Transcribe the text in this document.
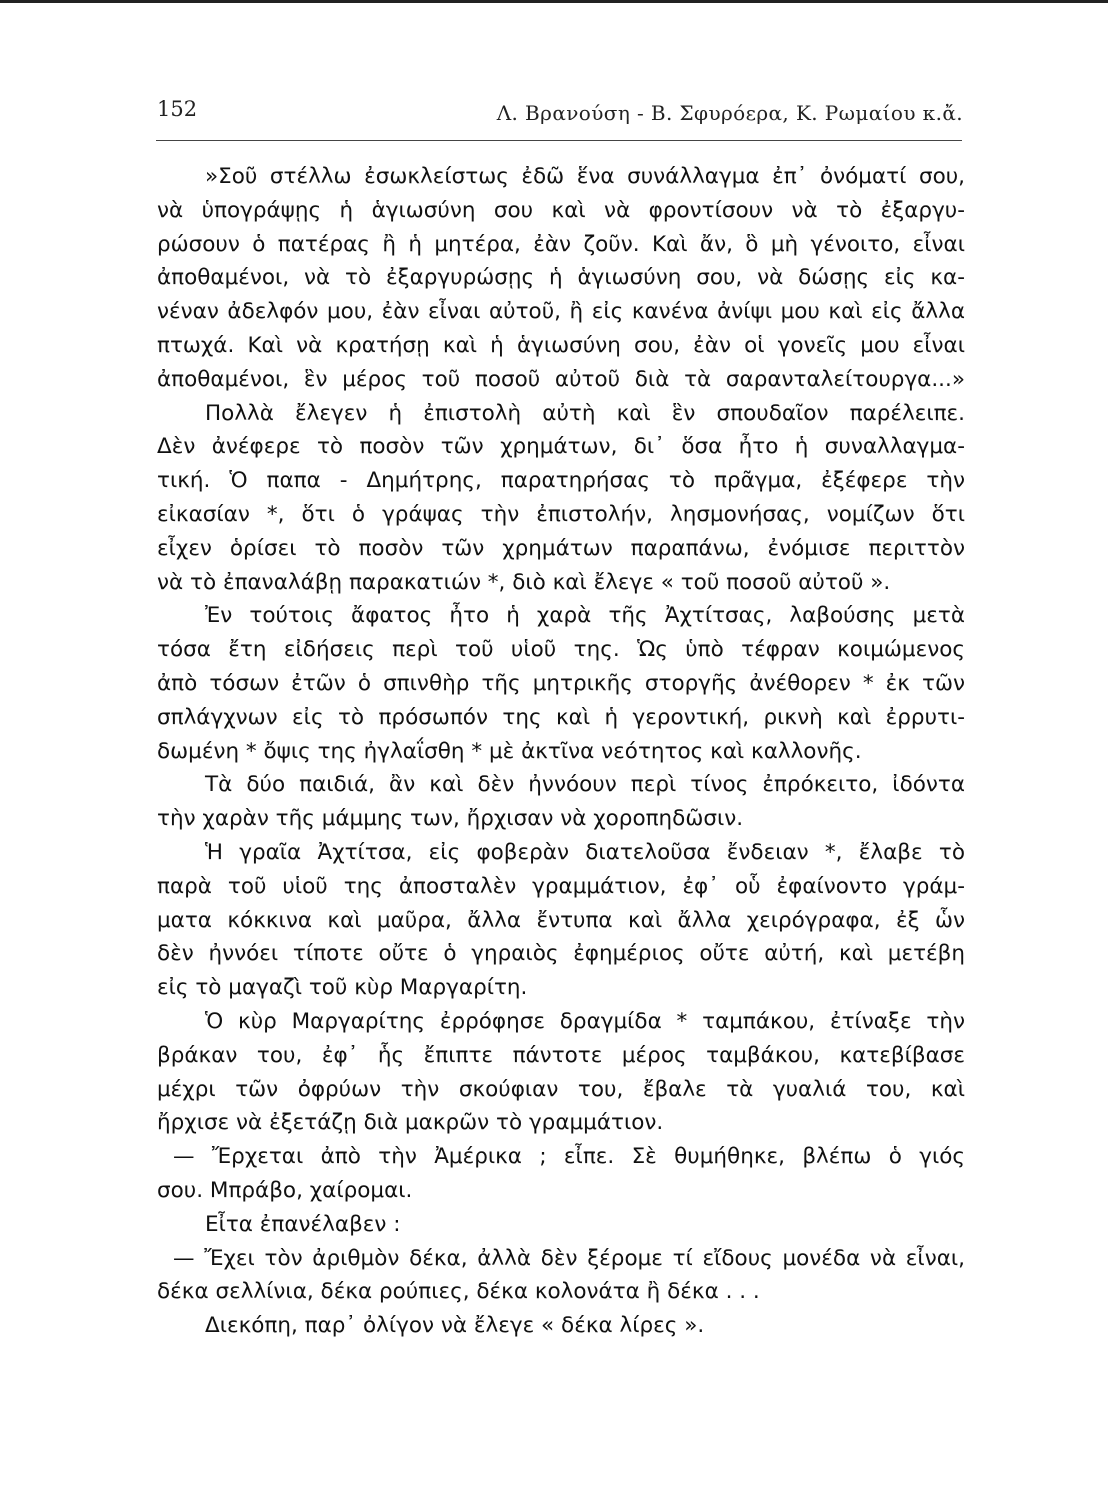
152	Λ. Βρανούση - Β. Σφυρόερα, Κ. Ρωμαίου κ.ἄ.
»Σοῦ στέλλω ἐσωκλείστως ἐδῶ ἕνα συνάλλαγμα ἐπ᾽ ὀνόματί σου,
νὰ ὑπογράψῃς ἡ ἁγιωσύνη σου καὶ νὰ φροντίσουν νὰ τὸ ἐξαργυ-
ρώσουν ὁ πατέρας ἢ ἡ μητέρα, ἐὰν ζοῦν. Καὶ ἄν, ὃ μὴ γένοιτο, εἶναι
ἀποθαμένοι, νὰ τὸ ἐξαργυρώσῃς ἡ ἁγιωσύνη σου, νὰ δώσῃς εἰς κα-
νέναν ἀδελφόν μου, ἐὰν εἶναι αὐτοῦ, ἢ εἰς κανένα ἀνίψι μου καὶ εἰς ἄλλα
πτωχά. Καὶ νὰ κρατήσῃ καὶ ἡ ἁγιωσύνη σου, ἐὰν οἱ γονεῖς μου εἶναι
ἀποθαμένοι, ἓν μέρος τοῦ ποσοῦ αὐτοῦ διὰ τὰ σαρανταλείτουργα...»
Πολλὰ ἔλεγεν ἡ ἐπιστολὴ αὐτὴ καὶ ἓν σπουδαῖον παρέλειπε.
Δὲν ἀνέφερε τὸ ποσὸν τῶν χρημάτων, δι᾽ ὅσα ἦτο ἡ συναλλαγμα-
τική. Ὁ παπα - Δημήτρης, παρατηρήσας τὸ πρᾶγμα, ἐξέφερε τὴν
εἰκασίαν *, ὅτι ὁ γράψας τὴν ἐπιστολήν, λησμονήσας, νομίζων ὅτι
εἶχεν ὁρίσει τὸ ποσὸν τῶν χρημάτων παραπάνω, ἐνόμισε περιττὸν
νὰ τὸ ἐπαναλάβῃ παρακατιών *, διὸ καὶ ἔλεγε « τοῦ ποσοῦ αὐτοῦ ».
Ἐν τούτοις ἄφατος ἦτο ἡ χαρὰ τῆς Ἀχτίτσας, λαβούσης μετὰ
τόσα ἔτη εἰδήσεις περὶ τοῦ υἱοῦ της. Ὡς ὑπὸ τέφραν κοιμώμενος
ἀπὸ τόσων ἐτῶν ὁ σπινθὴρ τῆς μητρικῆς στοργῆς ἀνέθορεν * ἐκ τῶν
σπλάγχνων εἰς τὸ πρόσωπόν της καὶ ἡ γεροντική, ρικνὴ καὶ ἐρρυτι-
δωμένη * ὄψις της ἠγλαΐσθη * μὲ ἀκτῖνα νεότητος καὶ καλλονῆς.
Τὰ δύο παιδιά, ἂν καὶ δὲν ἠννόουν περὶ τίνος ἐπρόκειτο, ἰδόντα
τὴν χαρὰν τῆς μάμμης των, ἤρχισαν νὰ χοροπηδῶσιν.
Ἡ γραῖα Ἀχτίτσα, εἰς φοβερὰν διατελοῦσα ἔνδειαν *, ἔλαβε τὸ
παρὰ τοῦ υἱοῦ της ἀποσταλὲν γραμμάτιον, ἐφ᾽ οὗ ἐφαίνοντο γράμ-
ματα κόκκινα καὶ μαῦρα, ἄλλα ἔντυπα καὶ ἄλλα χειρόγραφα, ἐξ ὧν
δὲν ἠννόει τίποτε οὔτε ὁ γηραιὸς ἐφημέριος οὔτε αὐτή, καὶ μετέβη
εἰς τὸ μαγαζὶ τοῦ κὺρ Μαργαρίτη.
Ὁ κὺρ Μαργαρίτης ἐρρόφησε δραγμίδα * ταμπάκου, ἐτίναξε τὴν
βράκαν του, ἐφ᾽ ἧς ἔπιπτε πάντοτε μέρος ταμβάκου, κατεβίβασε
μέχρι τῶν ὀφρύων τὴν σκούφιαν του, ἔβαλε τὰ γυαλιά του, καὶ
ἤρχισε νὰ ἐξετάζῃ διὰ μακρῶν τὸ γραμμάτιον.
— Ἔρχεται ἀπὸ τὴν Ἀμέρικα ; εἶπε. Σὲ θυμήθηκε, βλέπω ὁ γιός
σου. Μπράβο, χαίρομαι.
Εἶτα ἐπανέλαβεν :
— Ἔχει τὸν ἀριθμὸν δέκα, ἀλλὰ δὲν ξέρομε τί εἴδους μονέδα νὰ εἶναι,
δέκα σελλίνια, δέκα ρούπιες, δέκα κολονάτα ἢ δέκα . . .
Διεκόπη, παρ᾽ ὀλίγον νὰ ἔλεγε « δέκα λίρες ».
